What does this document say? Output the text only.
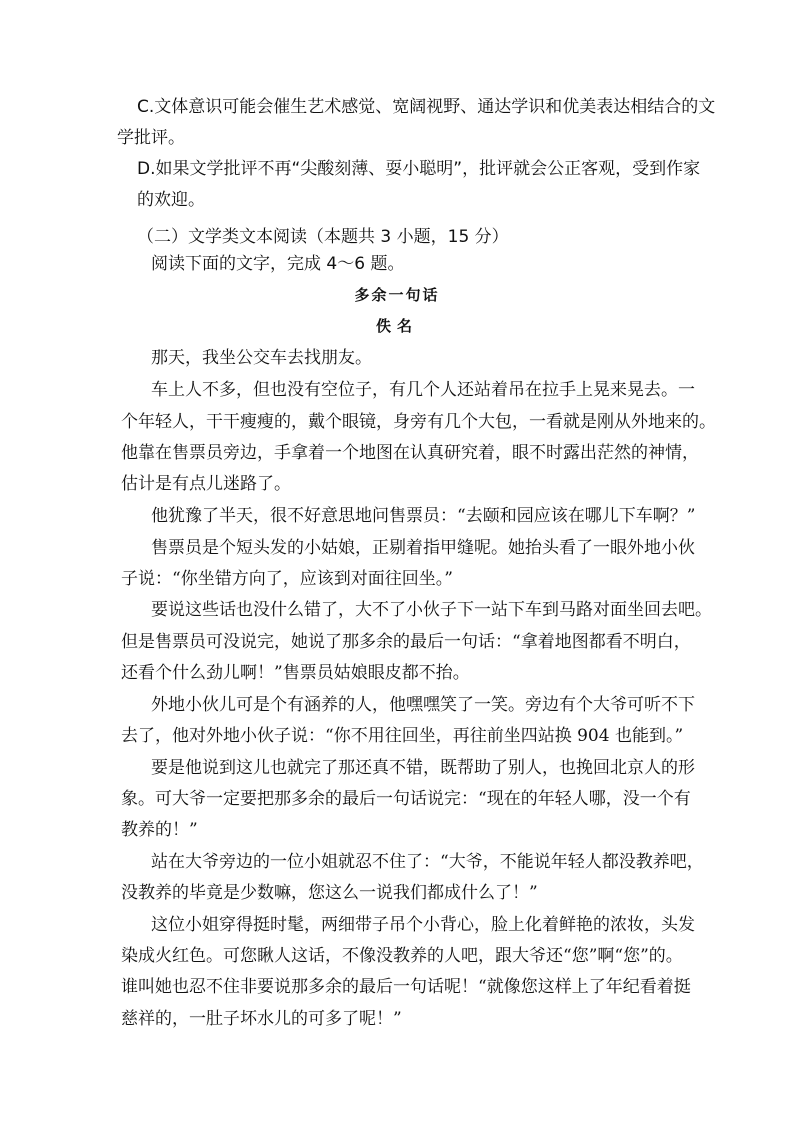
C.文体意识可能会催生艺术感觉、宽阔视野、通达学识和优美表达相结合的文
学批评。
D.如果文学批评不再“尖酸刻薄、耍小聪明”，批评就会公正客观，受到作家
的欢迎。
（二）文学类文本阅读（本题共 3 小题，15 分）
阅读下面的文字，完成 4～6 题。
多余一句话
佚名
那天，我坐公交车去找朋友。
车上人不多，但也没有空位子，有几个人还站着吊在拉手上晃来晃去。一
个年轻人，干干瘦瘦的，戴个眼镜，身旁有几个大包，一看就是刚从外地来的。
他靠在售票员旁边，手拿着一个地图在认真研究着，眼不时露出茫然的神情，
估计是有点儿迷路了。
他犹豫了半天，很不好意思地问售票员：“去颐和园应该在哪儿下车啊？”
售票员是个短头发的小姑娘，正剔着指甲缝呢。她抬头看了一眼外地小伙
子说：“你坐错方向了，应该到对面往回坐。”
要说这些话也没什么错了，大不了小伙子下一站下车到马路对面坐回去吧。
但是售票员可没说完，她说了那多余的最后一句话：“拿着地图都看不明白，
还看个什么劲儿啊！”售票员姑娘眼皮都不抬。
外地小伙儿可是个有涵养的人，他嘿嘿笑了一笑。旁边有个大爷可听不下
去了，他对外地小伙子说：“你不用往回坐，再往前坐四站换 904 也能到。”
要是他说到这儿也就完了那还真不错，既帮助了别人，也挽回北京人的形
象。可大爷一定要把那多余的最后一句话说完：“现在的年轻人哪，没一个有
教养的！”
站在大爷旁边的一位小姐就忍不住了：“大爷，不能说年轻人都没教养吧，
没教养的毕竟是少数嘛，您这么一说我们都成什么了！”
这位小姐穿得挺时髦，两细带子吊个小背心，脸上化着鲜艳的浓妆，头发
染成火红色。可您瞅人这话，不像没教养的人吧，跟大爷还“您”啊“您”的。
谁叫她也忍不住非要说那多余的最后一句话呢！“就像您这样上了年纪看着挺
慈祥的，一肚子坏水儿的可多了呢！”
